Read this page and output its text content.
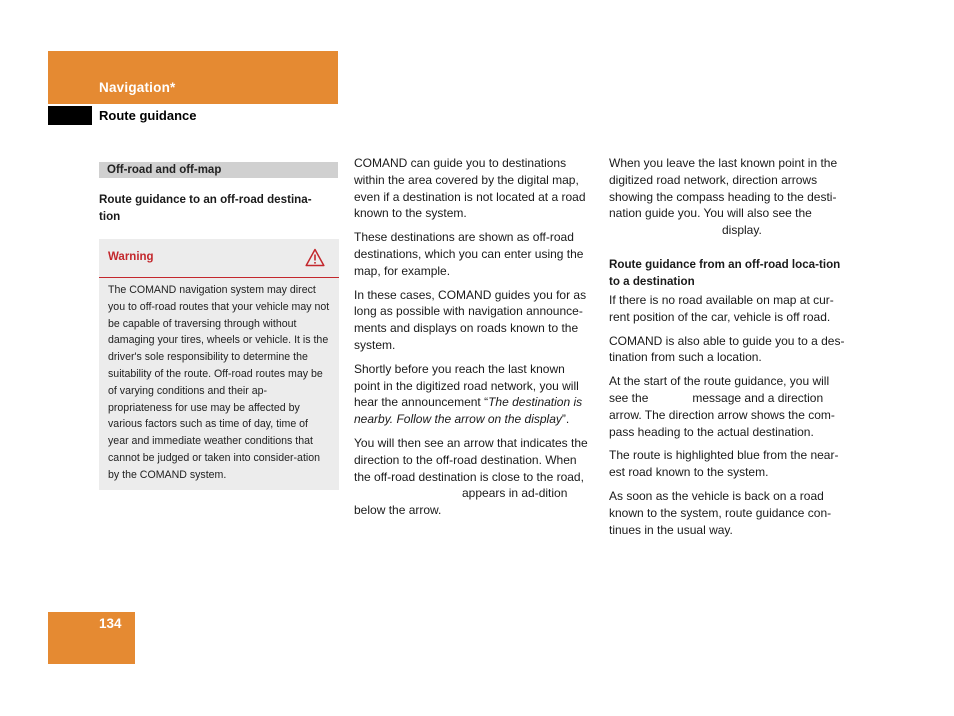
Navigation*
Route guidance
Off-road and off-map
Route guidance to an off-road destina-
tion
Warning

The COMAND navigation system may direct you to off-road routes that your vehicle may not be capable of traversing through without damaging your tires, wheels or vehicle. It is the driver's sole responsibility to determine the suitability of the route. Off-road routes may be of varying conditions and their ap-propriateness for use may be affected by various factors such as time of day, time of year and immediate weather conditions that cannot be judged or taken into consider-ation by the COMAND system.

COMAND can guide you to destinations within the area covered by the digital map, even if a destination is not located at a road known to the system.

These destinations are shown as off-road destinations, which you can enter using the map, for example.

In these cases, COMAND guides you for as long as possible with navigation announce-ments and displays on roads known to the system.

Shortly before you reach the last known point in the digitized road network, you will hear the announcement “The destination is nearby. Follow the arrow on the display”.

You will then see an arrow that indicates the direction to the off-road destination. When the off-road destination is close to the road,appears in ad-dition below the arrow.

When you leave the last known point in the digitized road network, direction arrows showing the compass heading to the desti-nation guide you. You will also see the
display.

Route guidance from an off-road loca-tion to a destination

If there is no road available on map at cur-rent position of the car, vehicle is off road.

COMAND is also able to guide you to a des-tination from such a location.

At the start of the route guidance, you will see the	message and a direction arrow. The direction arrow shows the com-pass heading to the actual destination.

The route is highlighted blue from the near-est road known to the system.

As soon as the vehicle is back on a road known to the system, route guidance con-tinues in the usual way.

134
